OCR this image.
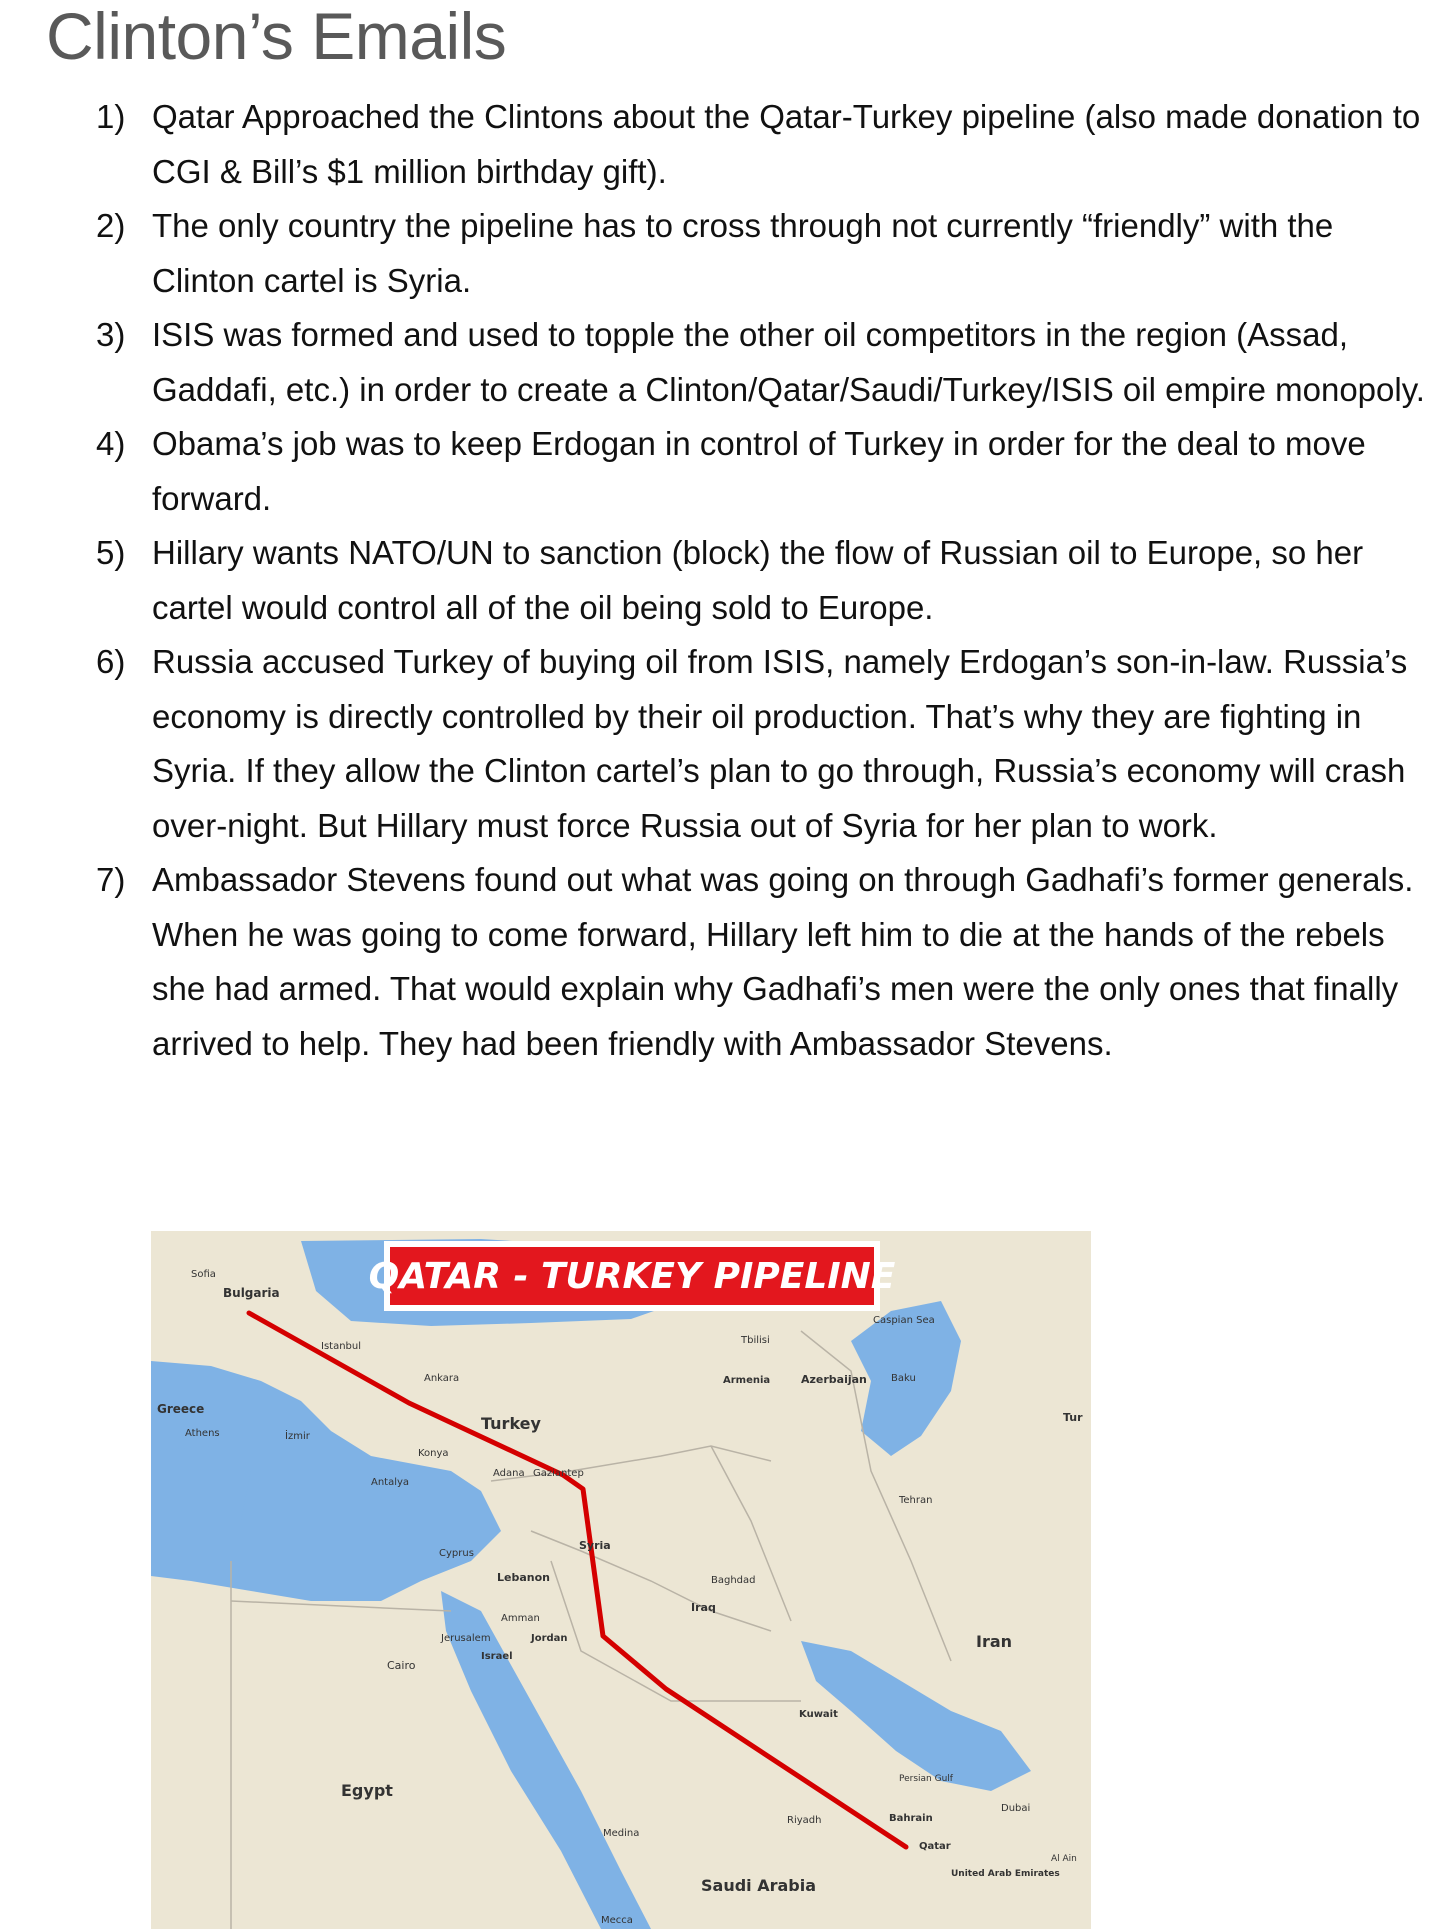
Clinton’s Emails
1) Qatar Approached the Clintons about the Qatar-Turkey pipeline (also made donation to CGI & Bill’s $1 million birthday gift).
2) The only country the pipeline has to cross through not currently “friendly” with the Clinton cartel is Syria.
3) ISIS was formed and used to topple the other oil competitors in the region (Assad, Gaddafi, etc.) in order to create a Clinton/Qatar/Saudi/Turkey/ISIS oil empire monopoly.
4) Obama’s job was to keep Erdogan in control of Turkey in order for the deal to move forward.
5) Hillary wants NATO/UN to sanction (block) the flow of Russian oil to Europe, so her cartel would control all of the oil being sold to Europe.
6) Russia accused Turkey of buying oil from ISIS, namely Erdogan’s son-in-law. Russia’s economy is directly controlled by their oil production. That’s why they are fighting in Syria. If they allow the Clinton cartel’s plan to go through, Russia’s economy will crash over-night. But Hillary must force Russia out of Syria for her plan to work.
7) Ambassador Stevens found out what was going on through Gadhafi’s former generals. When he was going to come forward, Hillary left him to die at the hands of the rebels she had armed. That would explain why Gadhafi’s men were the only ones that finally arrived to help. They had been friendly with Ambassador Stevens.
QATAR - TURKEY PIPELINE
Sofia
Bulgaria
Istanbul
Greece
Athens	İzmir
Ankara
Turkey
Konya
Antalya
Adana Gaziantep
Tbilisi
Armenia	Azerbaijan Baku
Caspian Sea
Cyprus
Syria
Lebanon	Baghdad
Iraq
Tehran
Iran
Amman
Jerusalem	Jordan
Israel
Cairo
Egypt
Kuwait
Persian Gulf
Bahrain
Qatar
Riyadh
Medina
Saudi Arabia
Mecca
Dubai
United Arab Emirates
Al Ain
Tur
